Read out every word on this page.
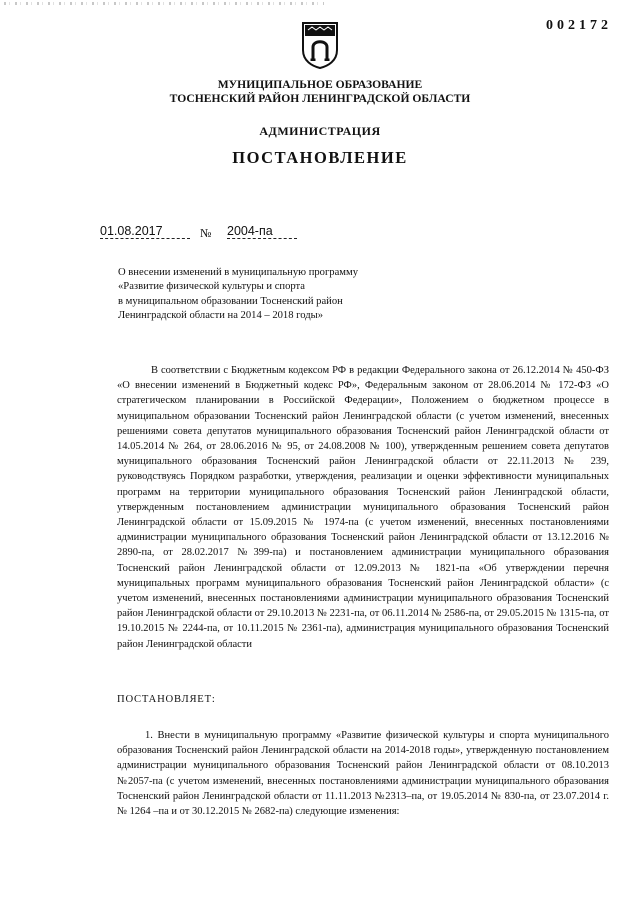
002172
МУНИЦИПАЛЬНОЕ ОБРАЗОВАНИЕ
ТОСНЕНСКИЙ РАЙОН ЛЕНИНГРАДСКОЙ ОБЛАСТИ
АДМИНИСТРАЦИЯ
ПОСТАНОВЛЕНИЕ
01.08.2017	№ 2004-па
О внесении изменений в муниципальную программу
«Развитие физической культуры и спорта
в муниципальном образовании Тосненский район
Ленинградской области на 2014 – 2018 годы»
В соответствии с Бюджетным кодексом РФ в редакции Федерального закона от 26.12.2014 № 450-ФЗ «О внесении изменений в Бюджетный кодекс РФ», Федеральным законом от 28.06.2014 № 172-ФЗ «О стратегическом планировании в Российской Федерации», Положением о бюджетном процессе в муниципальном образовании Тосненский район Ленинградской области (с учетом изменений, внесенных решениями совета депутатов муниципального образования Тосненский район Ленинградской области от 14.05.2014 № 264, от 28.06.2016 № 95, от 24.08.2008 № 100), утвержденным решением совета депутатов муниципального образования Тосненский район Ленинградской области от 22.11.2013 № 239, руководствуясь Порядком разработки, утверждения, реализации и оценки эффективности муниципальных программ на территории муниципального образования Тосненский район Ленинградской области, утвержденным постановлением администрации муниципального образования Тосненский район Ленинградской области от 15.09.2015 № 1974-па (с учетом изменений, внесенных постановлениями администрации муниципального образования Тосненский район Ленинградской области от 13.12.2016 № 2890-па, от 28.02.2017 №399-па) и постановлением администрации муниципального образования Тосненский район Ленинградской области от 12.09.2013 № 1821-па «Об утверждении перечня муниципальных программ муниципального образования Тосненский район Ленинградской области» (с учетом изменений, внесенных постановлениями администрации муниципального образования Тосненский район Ленинградской области от 29.10.2013 № 2231-па, от 06.11.2014 № 2586-па, от 29.05.2015 № 1315-па, от 19.10.2015 № 2244-па, от 10.11.2015 № 2361-па), администрация муниципального образования Тосненский район Ленинградской области
ПОСТАНОВЛЯЕТ:
1. Внести в муниципальную программу «Развитие физической культуры и спорта муниципального образования Тосненский район Ленинградской области на 2014-2018 годы», утвержденную постановлением администрации муниципального образования Тосненский район Ленинградской области от 08.10.2013 №2057-па (с учетом изменений, внесенных постановлениями администрации муниципального образования Тосненский район Ленинградской области от 11.11.2013 №2313–па, от 19.05.2014 № 830-па, от 23.07.2014 г. № 1264 –па и от 30.12.2015 № 2682-па) следующие изменения:
